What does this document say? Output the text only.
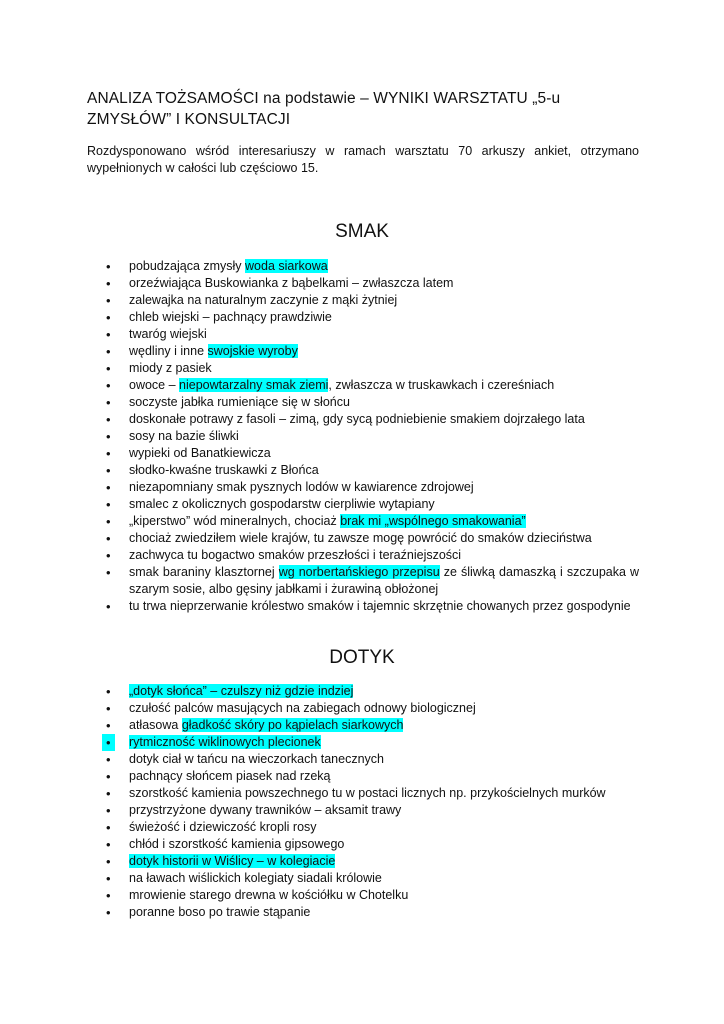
ANALIZA TOŻSAMOŚCI na podstawie – WYNIKI WARSZTATU „5-u ZMYSŁÓW” I KONSULTACJI
Rozdysponowano wśród interesariuszy w ramach warsztatu 70 arkuszy ankiet, otrzymano wypełnionych w całości lub częściowo 15.
SMAK
• pobudzająca zmysły woda siarkowa
• orzeźwiająca Buskowianka z bąbelkami – zwłaszcza latem
• zalewajka na naturalnym zaczynie z mąki żytniej
• chleb wiejski – pachnący prawdziwie
• twaróg wiejski
• wędliny i inne swojskie wyroby
• miody z pasiek
• owoce – niepowtarzalny smak ziemi, zwłaszcza w truskawkach i czereśniach
• soczyste jabłka rumieniące się w słońcu
• doskonałe potrawy z fasoli – zimą, gdy sycą podniebienie smakiem dojrzałego lata
• sosy na bazie śliwki
• wypieki od Banatkiewicza
• słodko-kwaśne truskawki z Błońca
• niezapomniany smak pysznych lodów w kawiarence zdrojowej
• smalec z okolicznych gospodarstw cierpliwie wytapiany
• „kiperstwo” wód mineralnych, chociaż brak mi „wspólnego smakowania”
• chociaż zwiedziłem wiele krajów, tu zawsze mogę powrócić do smaków dzieciństwa
• zachwyca tu bogactwo smaków przeszłości i teraźniejszości
• smak baraniny klasztornej wg norbertańskiego przepisu ze śliwką damaszką i szczupaka w szarym sosie, albo gęsiny jabłkami i żurawiną obłożonej
• tu trwa nieprzerwanie królestwo smaków i tajemnic skrzętnie chowanych przez gospodynie
DOTYK
• „dotyk słońca” – czulszy niż gdzie indziej
• czułość palców masujących na zabiegach odnowy biologicznej
• atłasowa gładkość skóry po kąpielach siarkowych
• rytmiczność wiklinowych plecionek
• dotyk ciał w tańcu na wieczorkach tanecznych
• pachnący słońcem piasek nad rzeką
• szorstkość kamienia powszechnego tu w postaci licznych np. przykościelnych murków
• przystrzyżone dywany trawników – aksamit trawy
• świeżość i dziewiczość kropli rosy
• chłód i szorstkość kamienia gipsowego
• dotyk historii w Wiślicy – w kolegiacie
• na ławach wiślickich kolegiaty siadali królowie
• mrowienie starego drewna w kościółku w Chotelku
• poranne boso po trawie stąpanie
